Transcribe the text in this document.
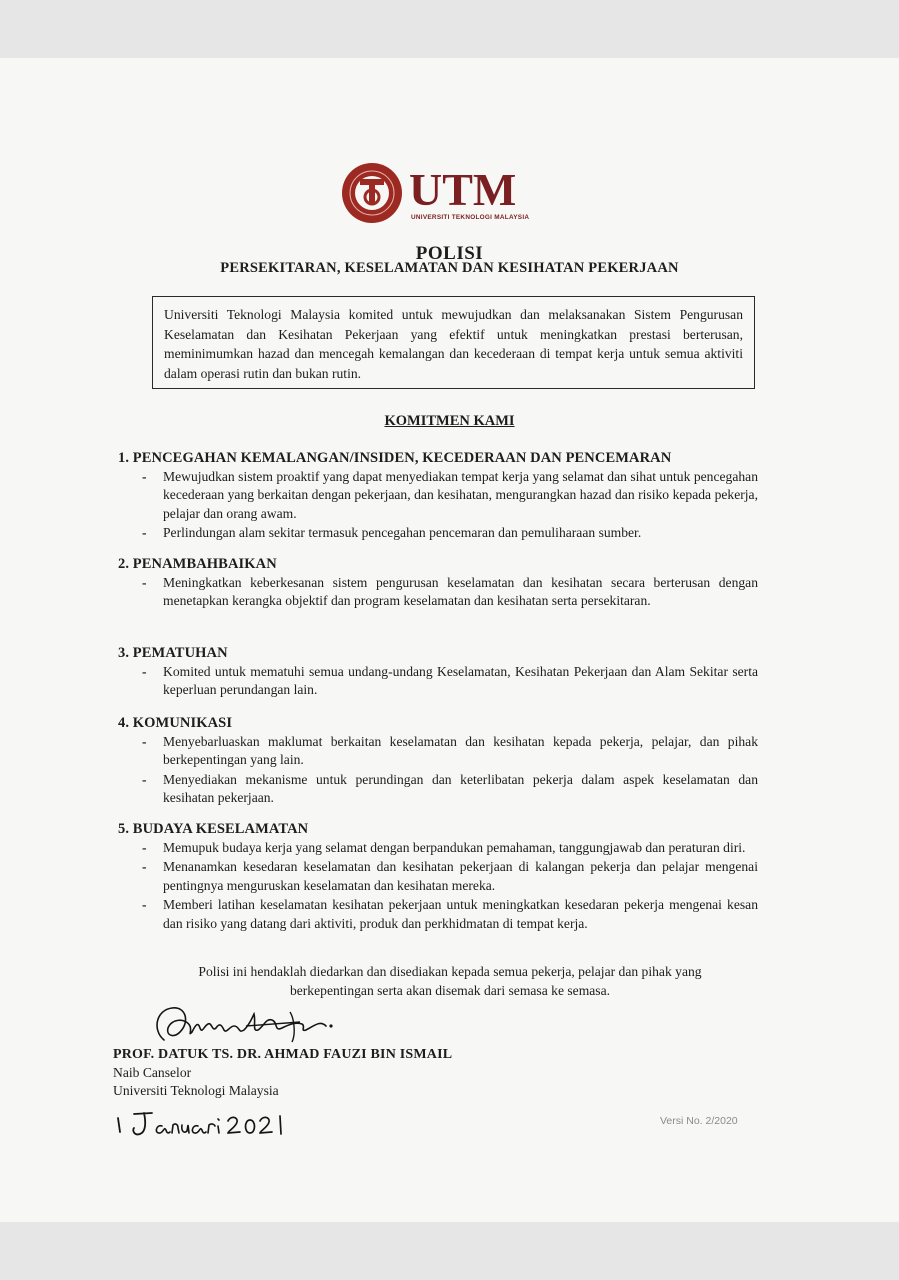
UTM
UNIVERSITI TEKNOLOGI MALAYSIA
POLISI
PERSEKITARAN, KESELAMATAN DAN KESIHATAN PEKERJAAN
Universiti Teknologi Malaysia komited untuk mewujudkan dan melaksanakan Sistem Pengurusan Keselamatan dan Kesihatan Pekerjaan yang efektif untuk meningkatkan prestasi berterusan, meminimumkan hazad dan mencegah kemalangan dan kecederaan di tempat kerja untuk semua aktiviti dalam operasi rutin dan bukan rutin.
KOMITMEN KAMI
1. PENCEGAHAN KEMALANGAN/INSIDEN, KECEDERAAN DAN PENCEMARAN
- Mewujudkan sistem proaktif yang dapat menyediakan tempat kerja yang selamat dan sihat untuk pencegahan kecederaan yang berkaitan dengan pekerjaan, dan kesihatan, mengurangkan hazad dan risiko kepada pekerja, pelajar dan orang awam.
- Perlindungan alam sekitar termasuk pencegahan pencemaran dan pemuliharaan sumber.
2. PENAMBAHBAIKAN
- Meningkatkan keberkesanan sistem pengurusan keselamatan dan kesihatan secara berterusan dengan menetapkan kerangka objektif dan program keselamatan dan kesihatan serta persekitaran.
3. PEMATUHAN
- Komited untuk mematuhi semua undang-undang Keselamatan, Kesihatan Pekerjaan dan Alam Sekitar serta keperluan perundangan lain.
4. KOMUNIKASI
- Menyebarluaskan maklumat berkaitan keselamatan dan kesihatan kepada pekerja, pelajar, dan pihak berkepentingan yang lain.
- Menyediakan mekanisme untuk perundingan dan keterlibatan pekerja dalam aspek keselamatan dan kesihatan pekerjaan.
5. BUDAYA KESELAMATAN
- Memupuk budaya kerja yang selamat dengan berpandukan pemahaman, tanggungjawab dan peraturan diri.
- Menanamkan kesedaran keselamatan dan kesihatan pekerjaan di kalangan pekerja dan pelajar mengenai pentingnya menguruskan keselamatan dan kesihatan mereka.
- Memberi latihan keselamatan kesihatan pekerjaan untuk meningkatkan kesedaran pekerja mengenai kesan dan risiko yang datang dari aktiviti, produk dan perkhidmatan di tempat kerja.
Polisi ini hendaklah diedarkan dan disediakan kepada semua pekerja, pelajar dan pihak yang
berkepentingan serta akan disemak dari semasa ke semasa.
PROF. DATUK TS. DR. AHMAD FAUZI BIN ISMAIL
Naib Canselor
Universiti Teknologi Malaysia
Versi No. 2/2020
